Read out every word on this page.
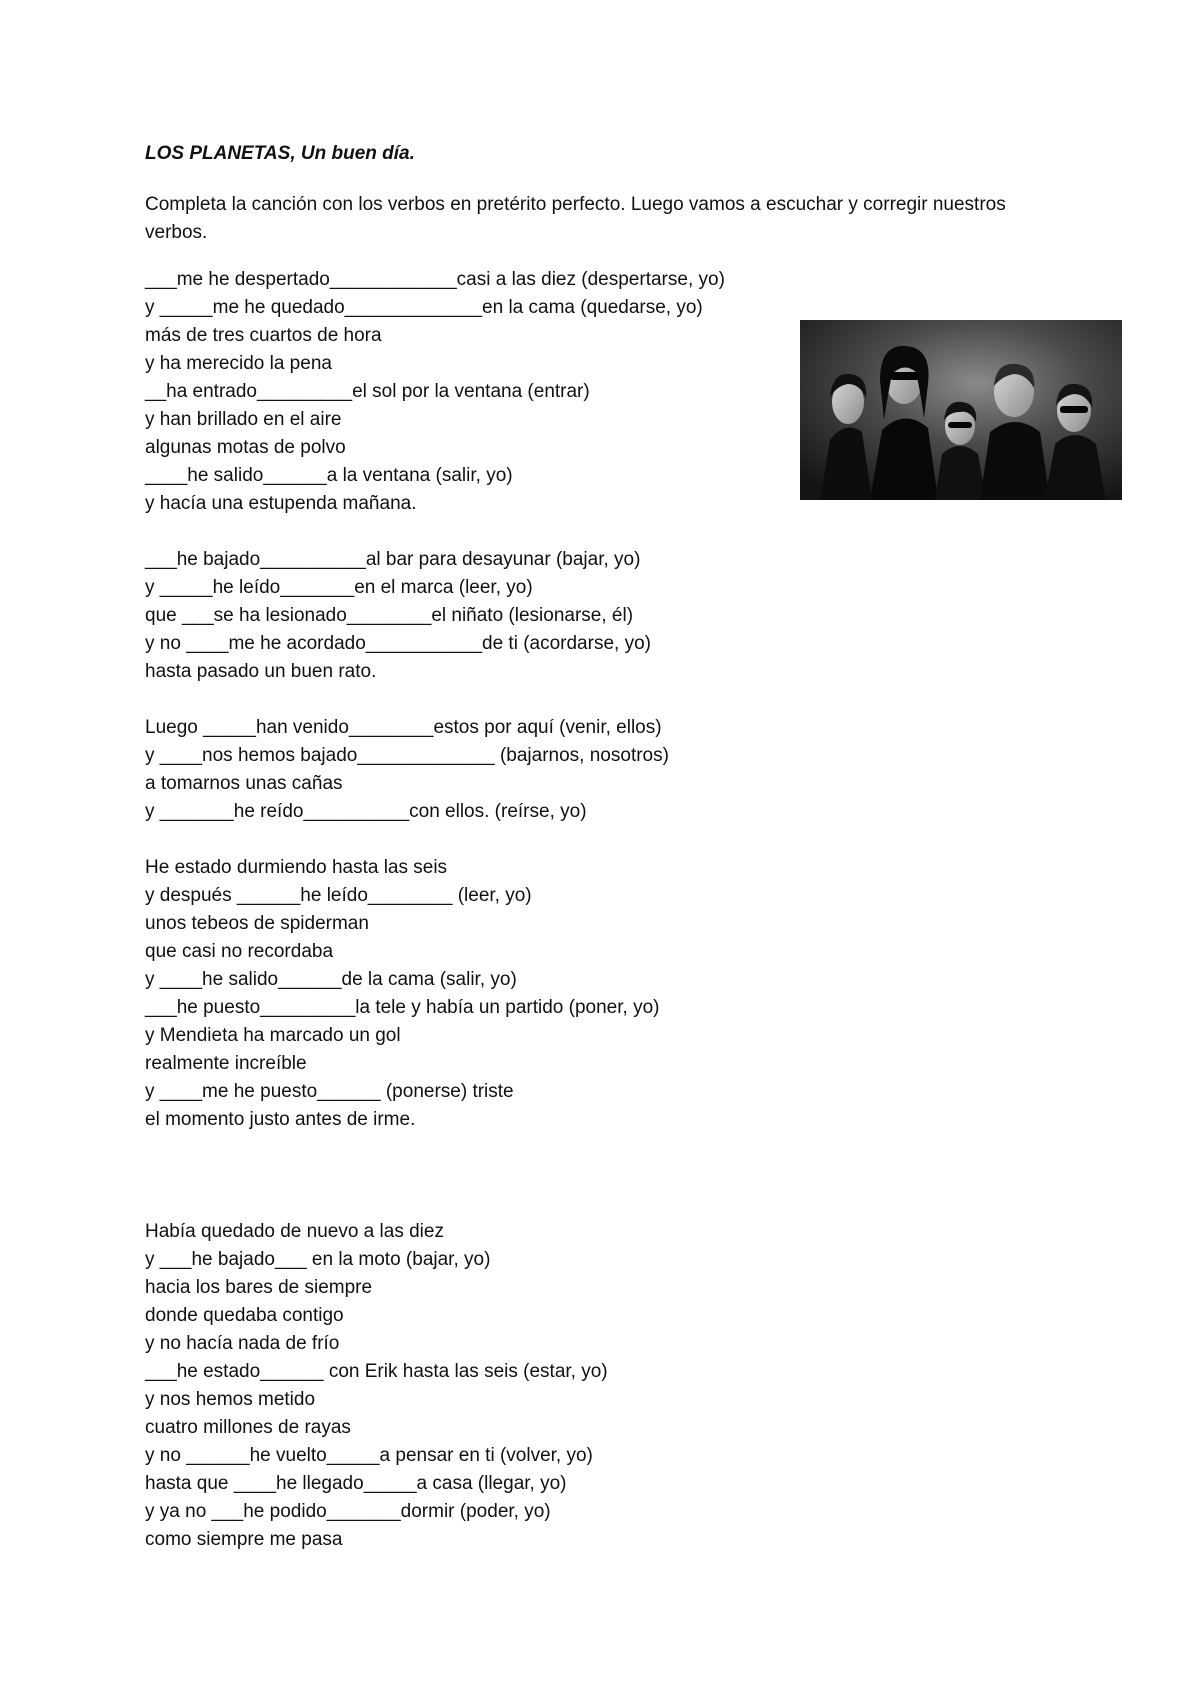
LOS PLANETAS, Un buen día.

Completa la canción con los verbos en pretérito perfecto. Luego vamos a escuchar y corregir nuestros verbos.

___me he despertado____________casi a las diez (despertarse, yo)

y _____me he quedado_____________en la cama (quedarse, yo)

más de tres cuartos de hora

y ha merecido la pena

__ha entrado_________el sol por la ventana (entrar)

y han brillado en el aire

algunas motas de polvo

____he salido______a la ventana (salir, yo)

y hacía una estupenda mañana.

___he bajado__________al bar para desayunar (bajar, yo)

y _____he leído_______en el marca (leer, yo)

que ___se ha lesionado________el niñato (lesionarse, él)

y no ____me he acordado___________de ti (acordarse, yo)

hasta pasado un buen rato.

Luego _____han venido________estos por aquí (venir, ellos)

y ____nos hemos bajado_____________ (bajarnos, nosotros)

a tomarnos unas cañas

y _______he reído__________con ellos. (reírse, yo)

He estado durmiendo hasta las seis

y después ______he leído________ (leer, yo)

unos tebeos de spiderman

que casi no recordaba

y ____he salido______de la cama (salir, yo)

___he puesto_________la tele y había un partido (poner, yo)

y Mendieta ha marcado un gol

realmente increíble

y ____me he puesto______ (ponerse) triste

el momento justo antes de irme.

Había quedado de nuevo a las diez

y ___he bajado___ en la moto (bajar, yo)

hacia los bares de siempre

donde quedaba contigo

y no hacía nada de frío

___he estado______ con Erik hasta las seis (estar, yo)

y nos hemos metido

cuatro millones de rayas

y no ______he vuelto_____a pensar en ti (volver, yo)

hasta que ____he llegado_____a casa (llegar, yo)

y ya no ___he podido_______dormir (poder, yo)

como siempre me pasa
